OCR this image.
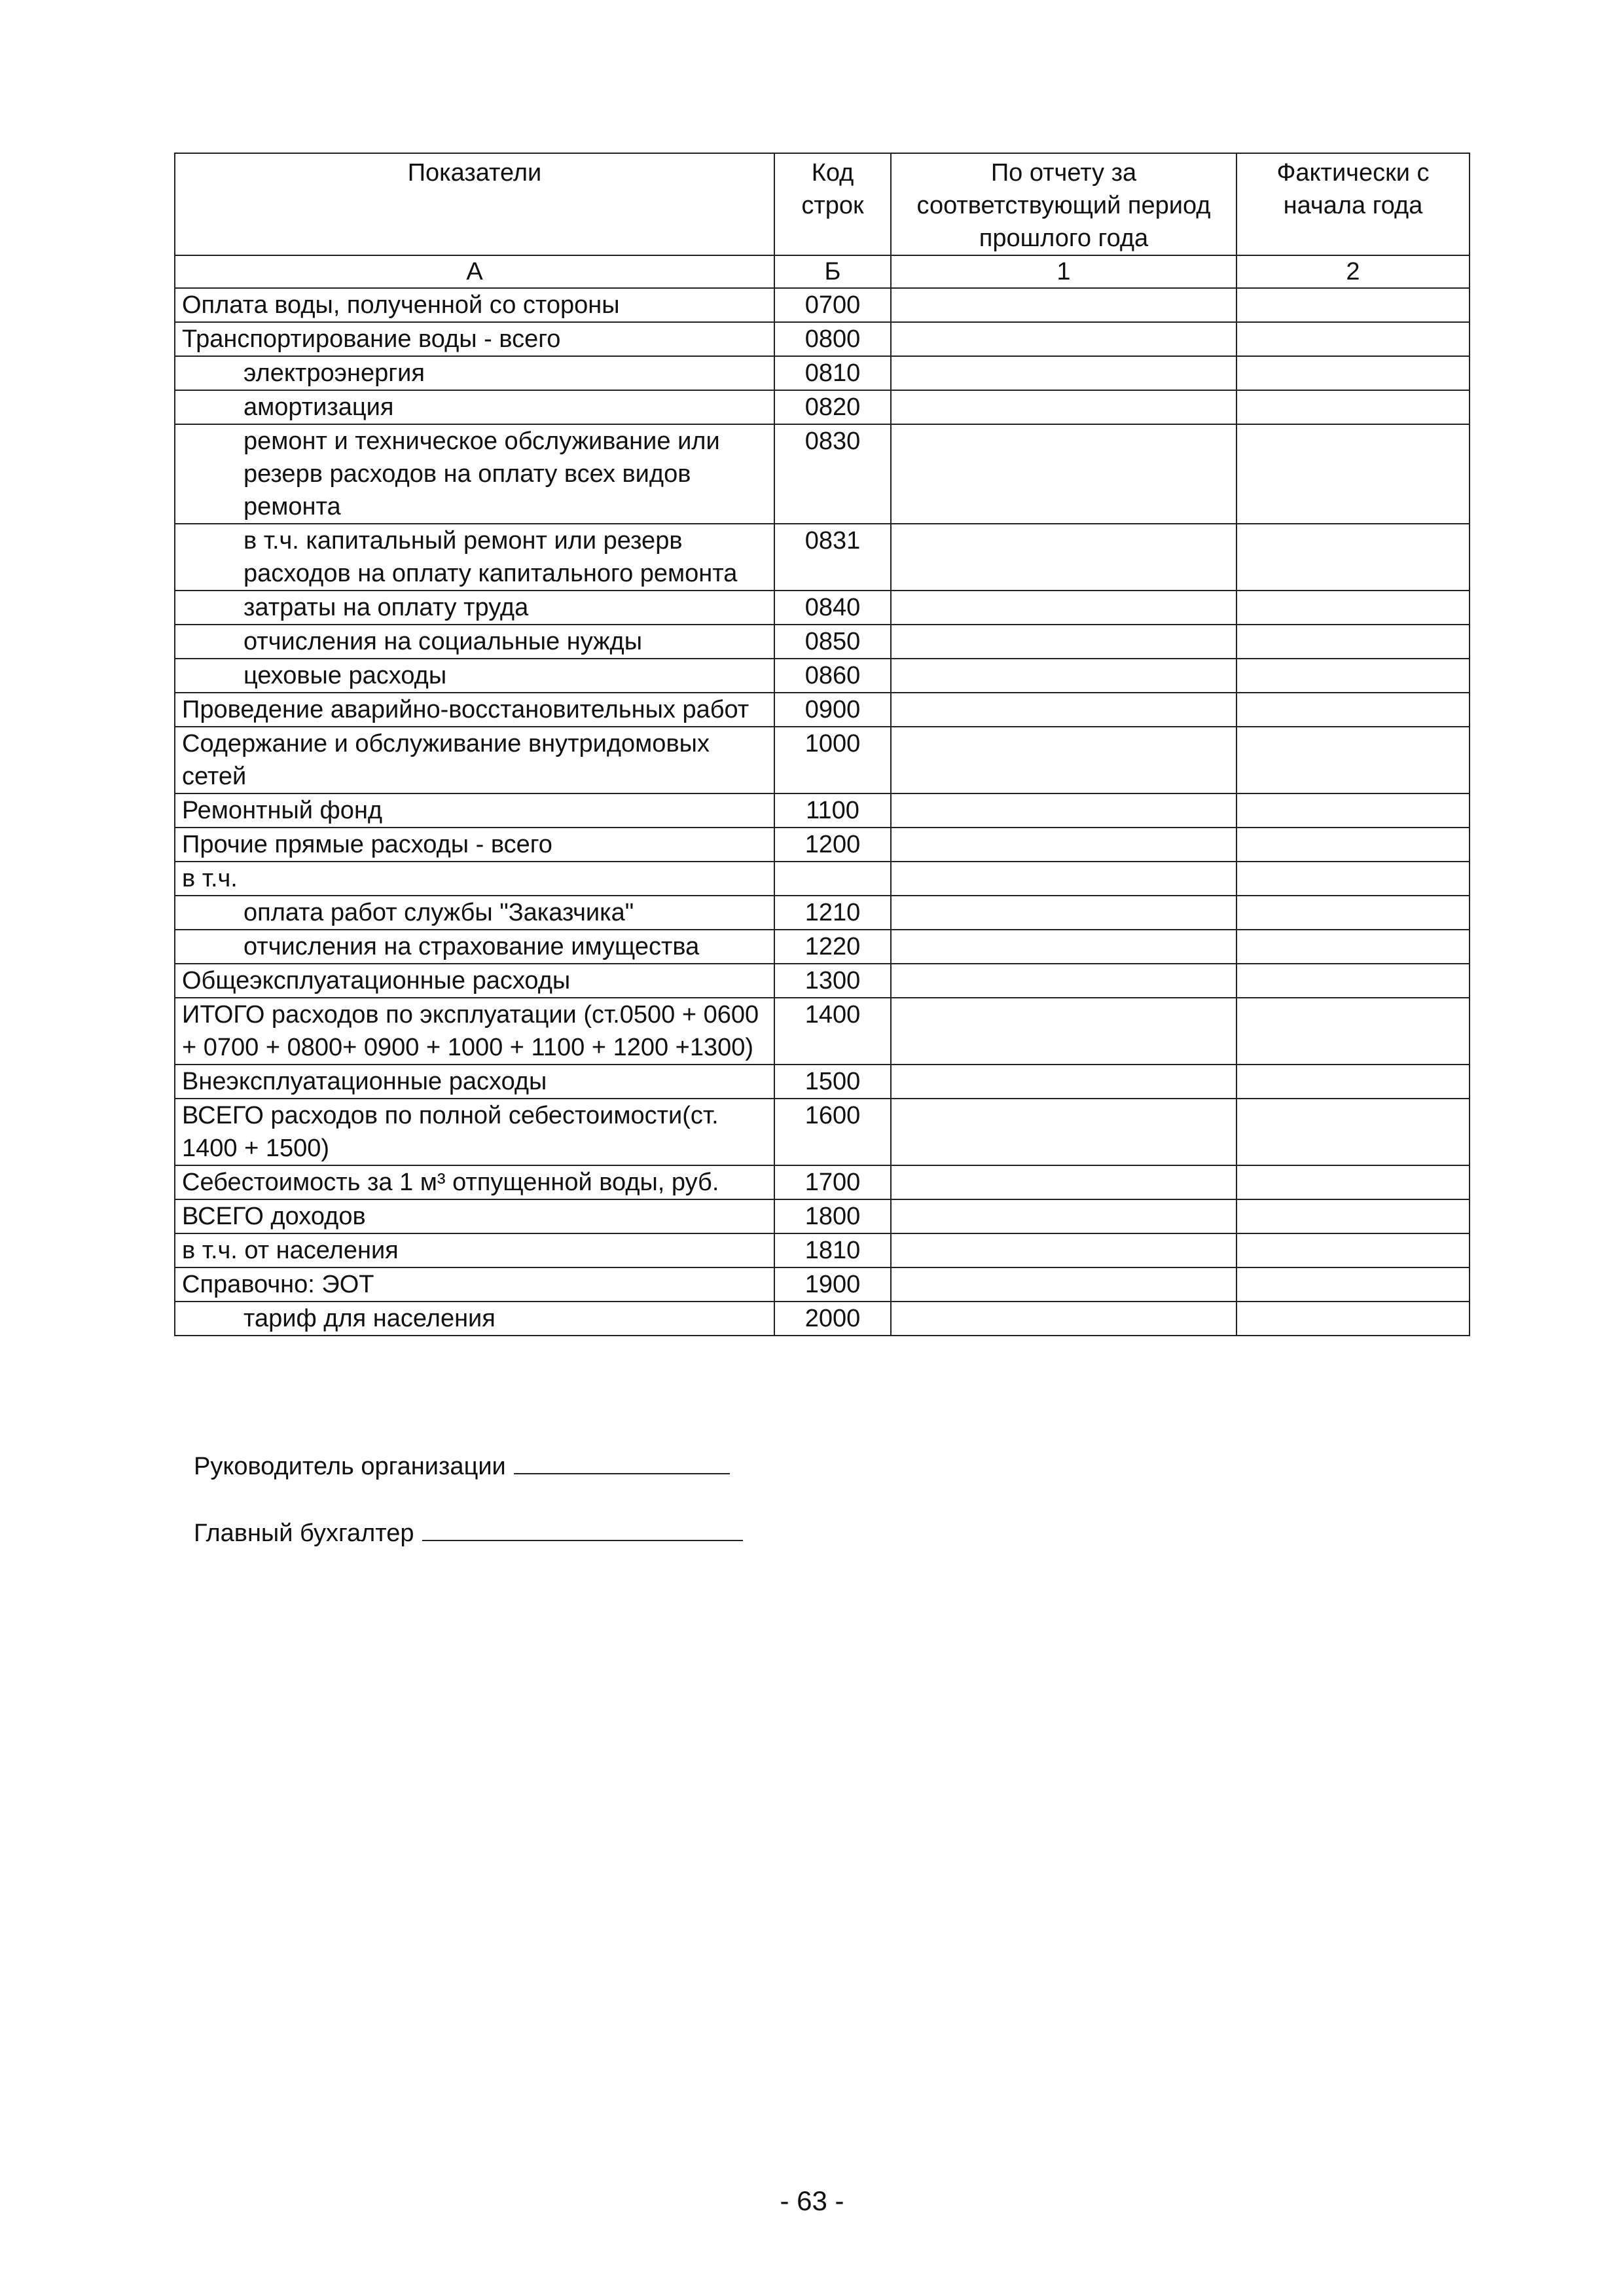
Показатели	Код строк	По отчету за соответствующий период прошлого года	Фактически с начала года
А	Б	1	2
Оплата воды, полученной со стороны	0700		
Транспортирование воды - всего	0800		
электроэнергия	0810		
амортизация	0820		
ремонт и техническое обслуживание или резерв расходов на оплату всех видов ремонта	0830		
в т.ч. капитальный ремонт или резерв расходов на оплату капитального ремонта	0831		
затраты на оплату труда	0840		
отчисления на социальные нужды	0850		
цеховые расходы	0860		
Проведение аварийно-восстановительных работ	0900		
Содержание и обслуживание внутридомовых сетей	1000		
Ремонтный фонд	1100		
Прочие прямые расходы - всего	1200		
в т.ч.			
оплата работ службы "Заказчика"	1210		
отчисления на страхование имущества	1220		
Общеэксплуатационные расходы	1300		
ИТОГО расходов по эксплуатации (ст.0500 + 0600 + 0700 + 0800+ 0900 + 1000 + 1100 + 1200 +1300)	1400		
Внеэксплуатационные расходы	1500		
ВСЕГО расходов по полной себестоимости(ст. 1400 + 1500)	1600		
Себестоимость за 1 м³ отпущенной воды, руб.	1700		
ВСЕГО доходов	1800		
в т.ч. от населения	1810		
Справочно: ЭОТ	1900		
тариф для населения	2000		
Руководитель организации
Главный бухгалтер
- 63 -
